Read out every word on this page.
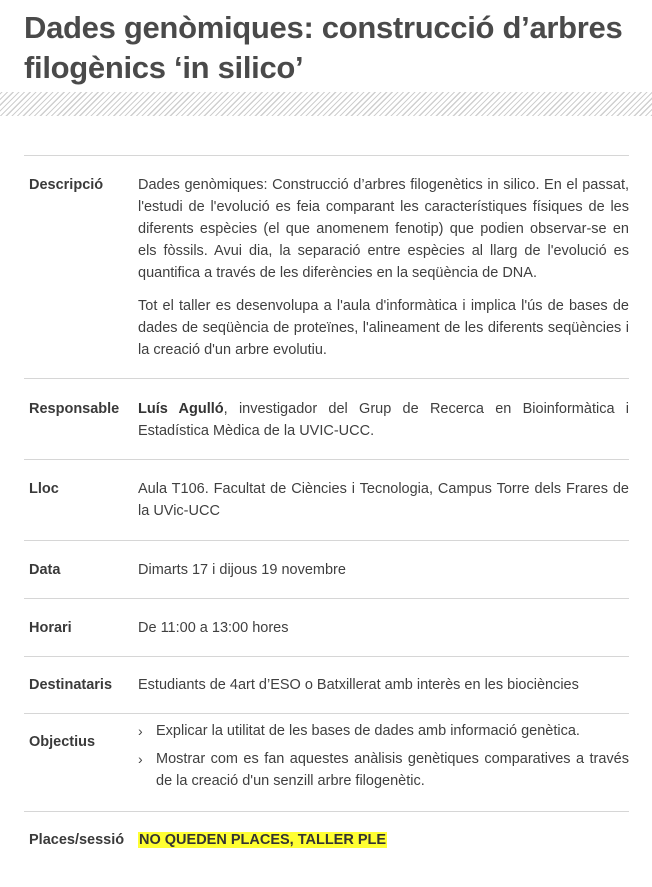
Dades genòmiques: construcció d’arbres filogènics ‘in silico’
Descripció	Dades genòmiques: Construcció d’arbres filogenètics in silico. En el passat, l'estudi de l'evolució es feia comparant les característiques físiques de les diferents espècies (el que anomenem fenotip) que podien observar-se en els fòssils. Avui dia, la separació entre espècies al llarg de l'evolució es quantifica a través de les diferències en la seqüència de DNA.

Tot el taller es desenvolupa a l'aula d'informàtica i implica l'ús de bases de dades de seqüència de proteïnes, l'alineament de les diferents seqüències i la creació d'un arbre evolutiu.

Responsable	Luís Agulló, investigador del Grup de Recerca en Bioinformàtica i Estadística Mèdica de la UVIC-UCC.
Lloc	Aula T106. Facultat de Ciències i Tecnologia, Campus Torre dels Frares de la UVic-UCC
Data	Dimarts 17 i dijous 19 novembre
Horari	De 11:00 a 13:00 hores
Destinataris	Estudiants de 4art d’ESO o Batxillerat amb interès en les biociències
Objectius
› Explicar la utilitat de les bases de dades amb informació genètica.
› Mostrar com es fan aquestes anàlisis genètiques comparatives a través de la creació d'un senzill arbre filogenètic.
Places/sessió	NO QUEDEN PLACES, TALLER PLE
